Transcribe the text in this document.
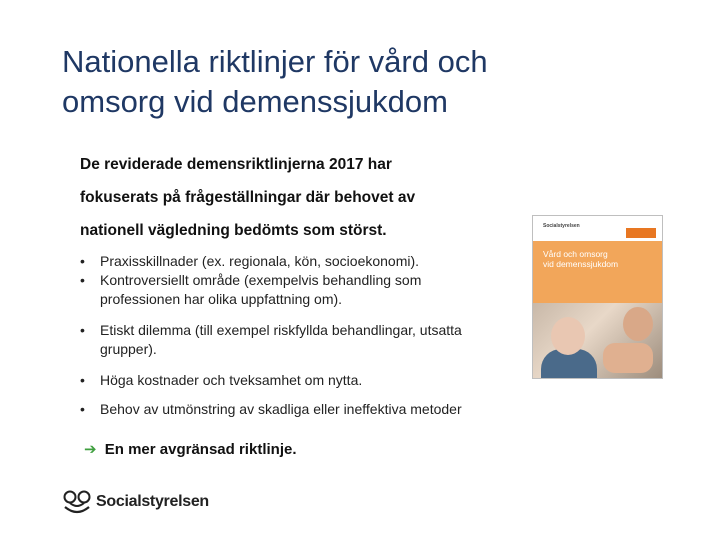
Nationella riktlinjer för vård och
omsorg vid demenssjukdom
De reviderade demensriktlinjerna 2017 har
fokuserats på frågeställningar där behovet av
nationell vägledning bedömts som störst.
• Praxisskillnader (ex. regionala, kön, socioekonomi).
• Kontroversiellt område (exempelvis behandling som professionen har olika uppfattning om).
• Etiskt dilemma (till exempel riskfyllda behandlingar, utsatta grupper).
• Höga kostnader och tveksamhet om nytta.
• Behov av utmönstring av skadliga eller ineffektiva metoder
➔ En mer avgränsad riktlinje.
Socialstyrelsen
Vård och omsorg
vid demenssjukdom
Socialstyrelsen
